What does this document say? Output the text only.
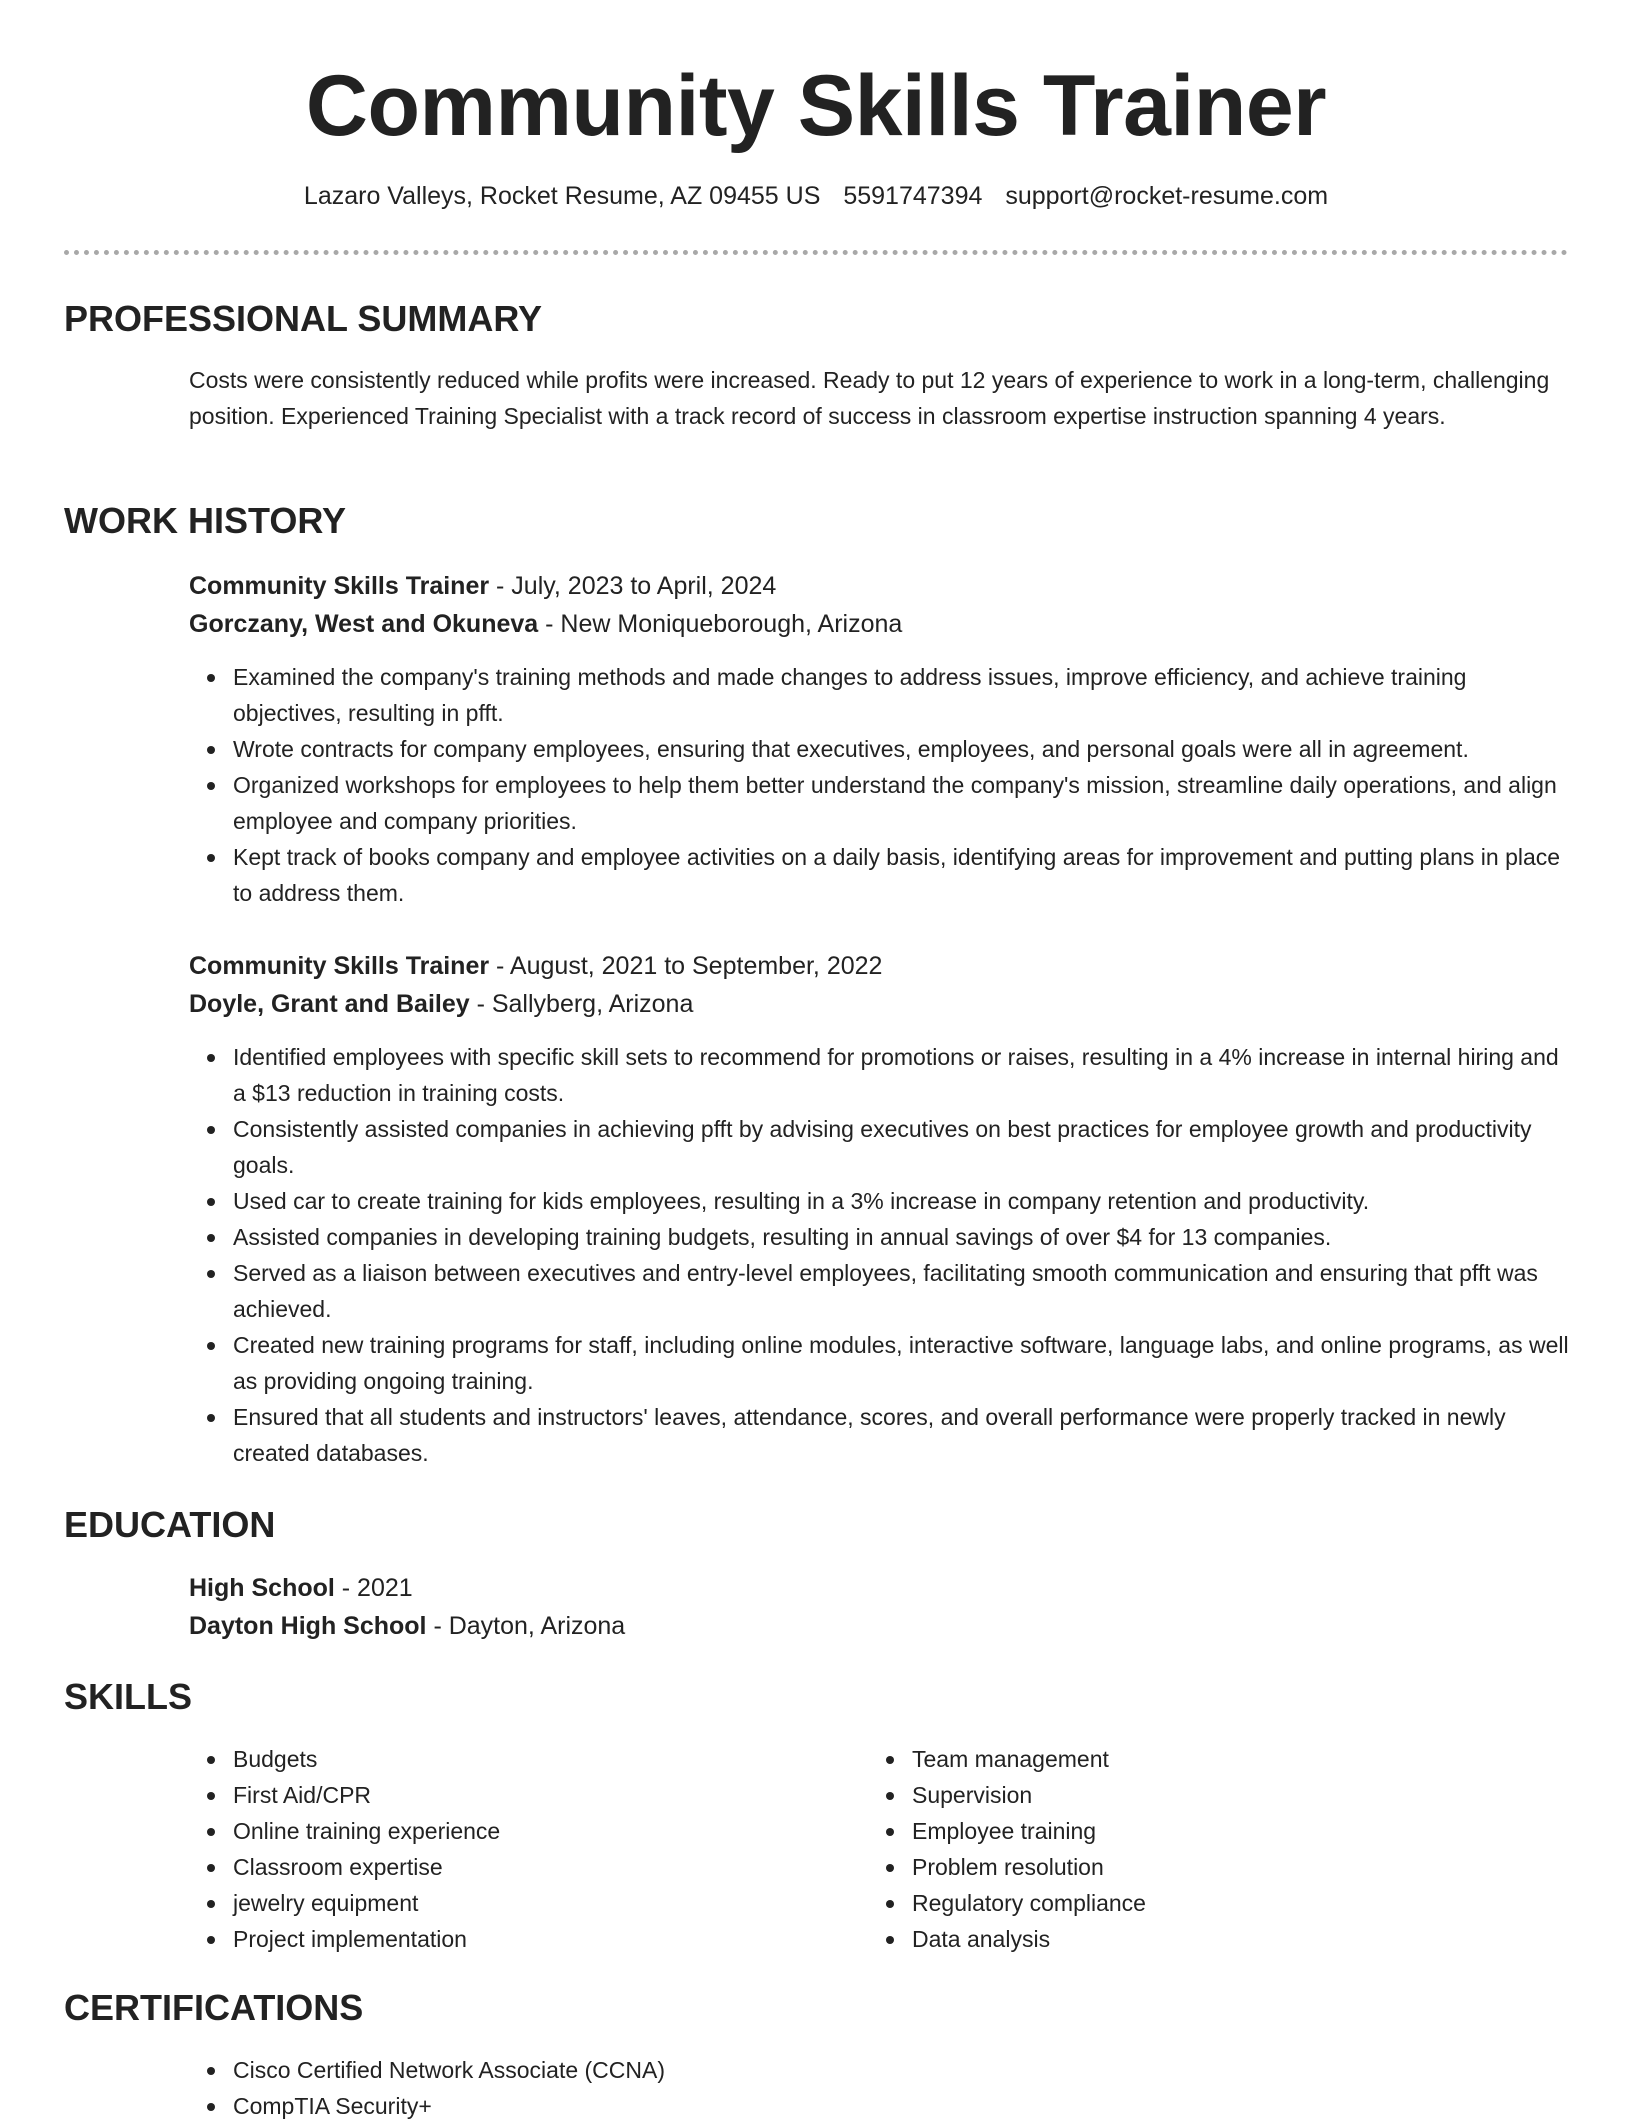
Community Skills Trainer
Lazaro Valleys, Rocket Resume, AZ 09455 US 5591747394 support@rocket-resume.com
PROFESSIONAL SUMMARY

Costs were consistently reduced while profits were increased. Ready to put 12 years of experience to work in a long-term, challenging position. Experienced Training Specialist with a track record of success in classroom expertise instruction spanning 4 years.

WORK HISTORY

Community Skills Trainer - July, 2023 to April, 2024

Gorczany, West and Okuneva - New Moniqueborough, Arizona

Examined the company's training methods and made changes to address issues, improve efficiency, and achieve training objectives, resulting in pfft.
Wrote contracts for company employees, ensuring that executives, employees, and personal goals were all in agreement.
Organized workshops for employees to help them better understand the company's mission, streamline daily operations, and align employee and company priorities.
Kept track of books company and employee activities on a daily basis, identifying areas for improvement and putting plans in place to address them.

Community Skills Trainer - August, 2021 to September, 2022

Doyle, Grant and Bailey - Sallyberg, Arizona

Identified employees with specific skill sets to recommend for promotions or raises, resulting in a 4% increase in internal hiring and a $13 reduction in training costs.
Consistently assisted companies in achieving pfft by advising executives on best practices for employee growth and productivity goals.
Used car to create training for kids employees, resulting in a 3% increase in company retention and productivity.
Assisted companies in developing training budgets, resulting in annual savings of over $4 for 13 companies.
Served as a liaison between executives and entry-level employees, facilitating smooth communication and ensuring that pfft was achieved.
Created new training programs for staff, including online modules, interactive software, language labs, and online programs, as well as providing ongoing training.
Ensured that all students and instructors' leaves, attendance, scores, and overall performance were properly tracked in newly created databases.
EDUCATION

High School - 2021

Dayton High School - Dayton, Arizona

SKILLS
Budgets
First Aid/CPR
Online training experience
Classroom expertise
jewelry equipment
Project implementation
Team management
Supervision
Employee training
Problem resolution
Regulatory compliance
Data analysis
CERTIFICATIONS
Cisco Certified Network Associate (CCNA)
CompTIA Security+
